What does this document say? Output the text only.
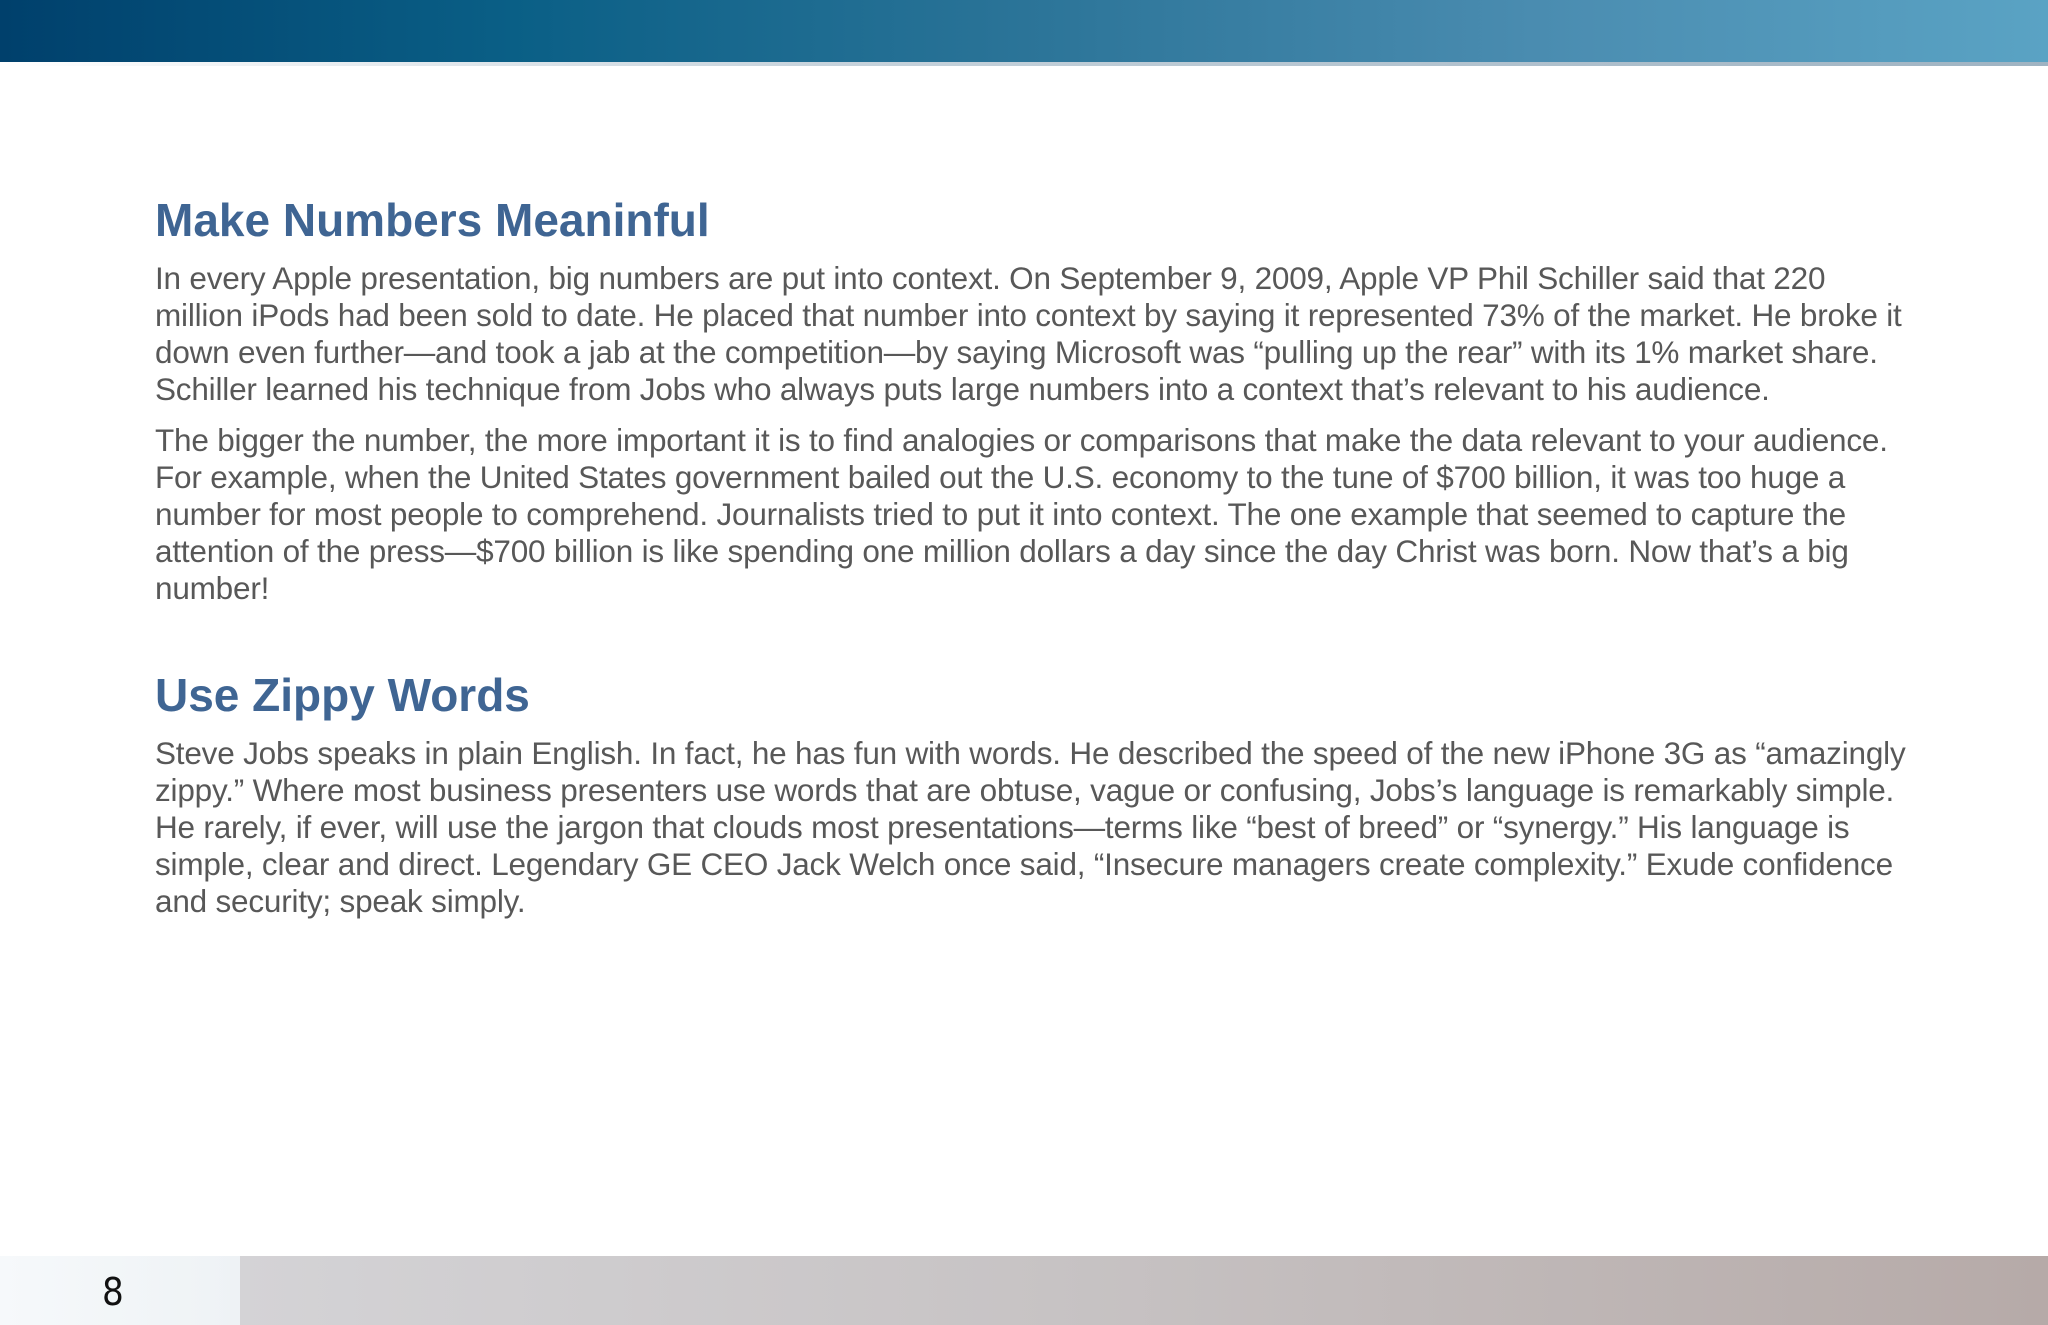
Make Numbers Meaninful

In every Apple presentation, big numbers are put into context. On September 9, 2009, Apple VP Phil Schiller said that 220 million iPods had been sold to date. He placed that number into context by saying it represented 73% of the market. He broke it down even further—and took a jab at the competition—by saying Microsoft was “pulling up the rear” with its 1% market share. Schiller learned his technique from Jobs who always puts large numbers into a context that’s relevant to his audience.

The bigger the number, the more important it is to find analogies or comparisons that make the data relevant to your audience. For example, when the United States government bailed out the U.S. economy to the tune of $700 billion, it was too huge a number for most people to comprehend. Journalists tried to put it into context. The one example that seemed to capture the attention of the press—$700 billion is like spending one million dollars a day since the day Christ was born. Now that’s a big number!

Use Zippy Words

Steve Jobs speaks in plain English. In fact, he has fun with words. He described the speed of the new iPhone 3G as “amazingly zippy.” Where most business presenters use words that are obtuse, vague or confusing, Jobs’s language is remarkably simple. He rarely, if ever, will use the jargon that clouds most presentations—terms like “best of breed” or “synergy.” His language is simple, clear and direct. Legendary GE CEO Jack Welch once said, “Insecure managers create complexity.” Exude confidence and security; speak simply.

8
